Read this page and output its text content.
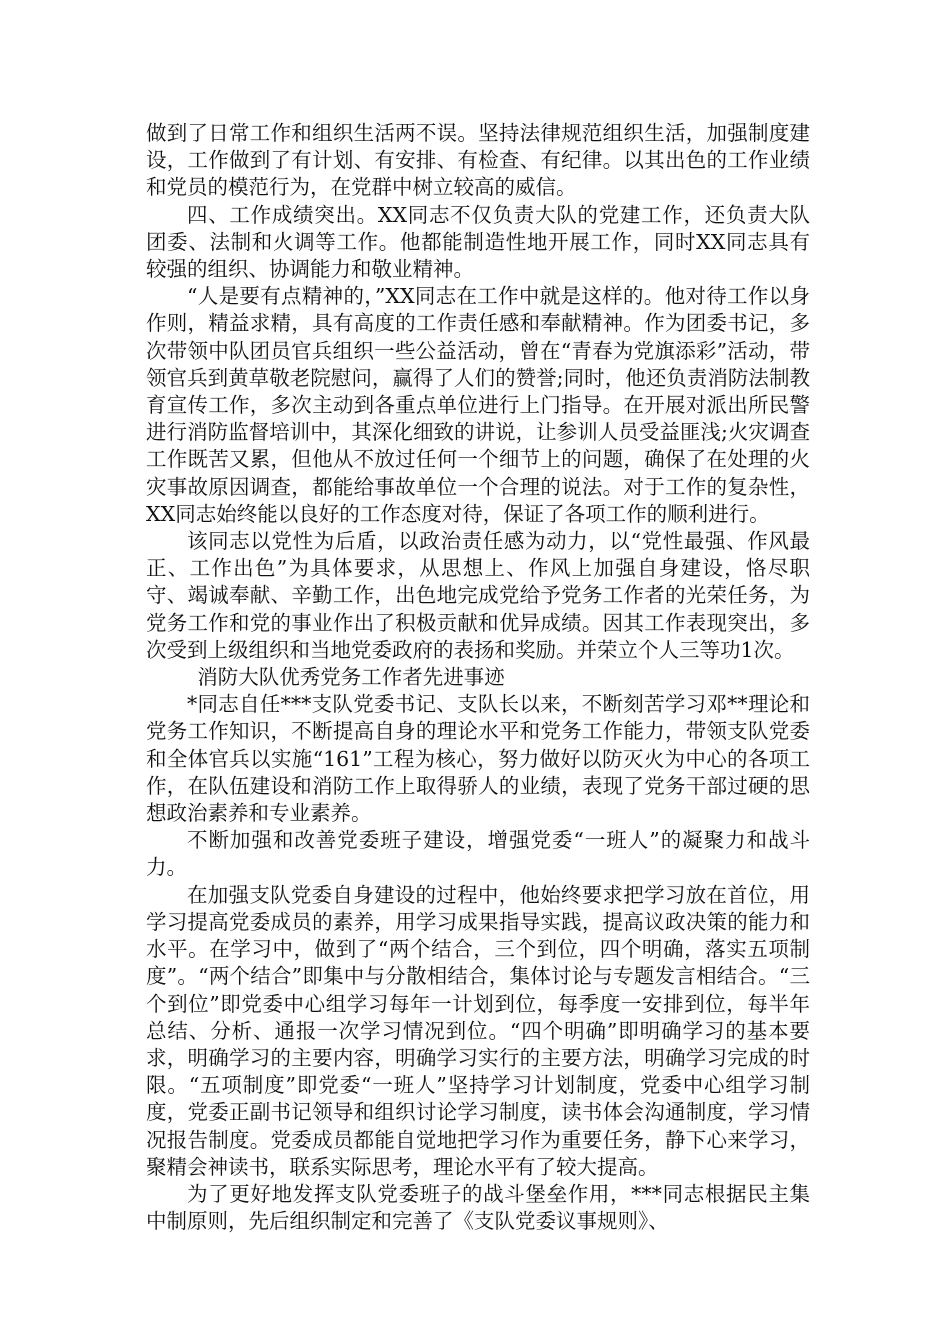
做到了日常工作和组织生活两不误。坚持法律规范组织生活，加强制度建设，工作做到了有计划、有安排、有检查、有纪律。以其出色的工作业绩和党员的模范行为，在党群中树立较高的威信。

四、工作成绩突出。XX同志不仅负责大队的党建工作，还负责大队团委、法制和火调等工作。他都能制造性地开展工作，同时XX同志具有较强的组织、协调能力和敬业精神。

“人是要有点精神的，”XX同志在工作中就是这样的。他对待工作以身作则，精益求精，具有高度的工作责任感和奉献精神。作为团委书记，多次带领中队团员官兵组织一些公益活动，曾在“青春为党旗添彩”活动，带领官兵到黄草敬老院慰问，赢得了人们的赞誉;同时，他还负责消防法制教育宣传工作，多次主动到各重点单位进行上门指导。在开展对派出所民警进行消防监督培训中，其深化细致的讲说，让参训人员受益匪浅;火灾调查工作既苦又累，但他从不放过任何一个细节上的问题，确保了在处理的火灾事故原因调查，都能给事故单位一个合理的说法。对于工作的复杂性，XX同志始终能以良好的工作态度对待，保证了各项工作的顺利进行。

该同志以党性为后盾，以政治责任感为动力，以“党性最强、作风最正、工作出色”为具体要求，从思想上、作风上加强自身建设，恪尽职守、竭诚奉献、辛勤工作，出色地完成党给予党务工作者的光荣任务，为党务工作和党的事业作出了积极贡献和优异成绩。因其工作表现突出，多次受到上级组织和当地党委政府的表扬和奖励。并荣立个人三等功1次。

消防大队优秀党务工作者先进事迹

*同志自任***支队党委书记、支队长以来，不断刻苦学习邓**理论和党务工作知识，不断提高自身的理论水平和党务工作能力，带领支队党委和全体官兵以实施“161”工程为核心，努力做好以防灭火为中心的各项工作，在队伍建设和消防工作上取得骄人的业绩，表现了党务干部过硬的思想政治素养和专业素养。

不断加强和改善党委班子建设，增强党委“一班人”的凝聚力和战斗力。

在加强支队党委自身建设的过程中，他始终要求把学习放在首位，用学习提高党委成员的素养，用学习成果指导实践，提高议政决策的能力和水平。在学习中，做到了“两个结合，三个到位，四个明确，落实五项制度”。“两个结合”即集中与分散相结合，集体讨论与专题发言相结合。“三个到位”即党委中心组学习每年一计划到位，每季度一安排到位，每半年总结、分析、通报一次学习情况到位。“四个明确”即明确学习的基本要求，明确学习的主要内容，明确学习实行的主要方法，明确学习完成的时限。“五项制度”即党委“一班人”坚持学习计划制度，党委中心组学习制度，党委正副书记领导和组织讨论学习制度，读书体会沟通制度，学习情况报告制度。党委成员都能自觉地把学习作为重要任务，静下心来学习，聚精会神读书，联系实际思考，理论水平有了较大提高。

为了更好地发挥支队党委班子的战斗堡垒作用，***同志根据民主集中制原则，先后组织制定和完善了《支队党委议事规则》、
